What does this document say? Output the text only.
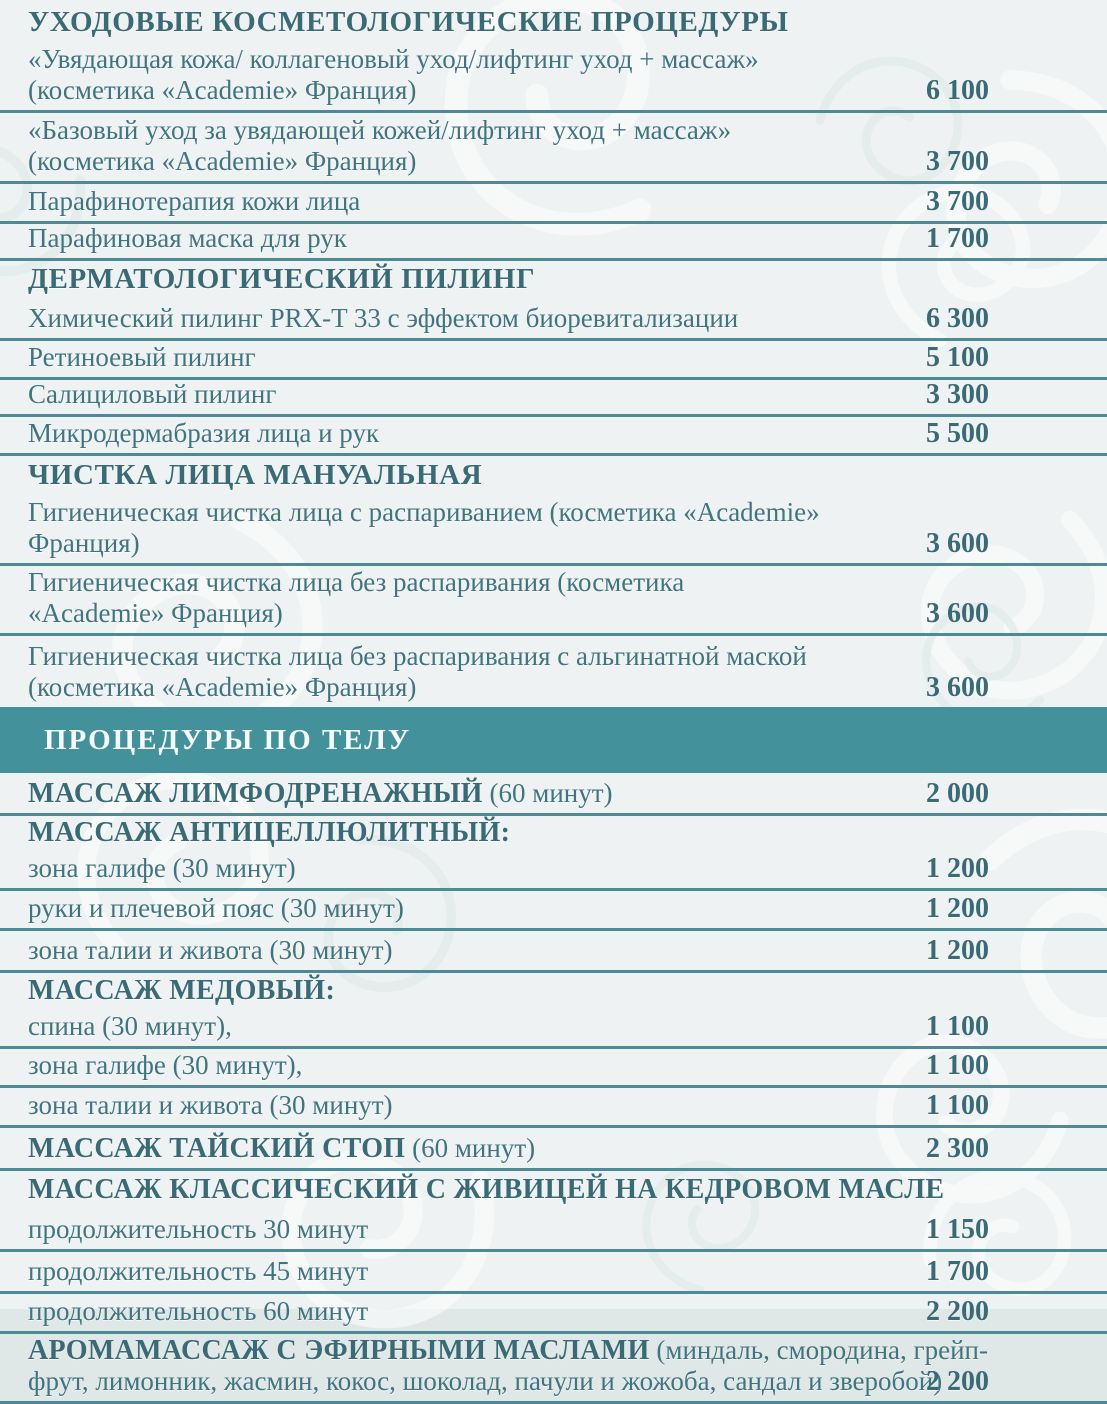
УХОДОВЫЕ КОСМЕТОЛОГИЧЕСКИЕ ПРОЦЕДУРЫ
«Увядающая кожа/ коллагеновый уход/лифтинг уход + массаж»
(косметика «Academie» Франция)	6 100
«Базовый уход за увядающей кожей/лифтинг уход + массаж»
(косметика «Academie» Франция)	3 700
Парафинотерапия кожи лица	3 700
Парафиновая маска для рук	1 700
ДЕРМАТОЛОГИЧЕСКИЙ ПИЛИНГ
Химический пилинг PRX-T 33 с эффектом биоревитализации	6 300
Ретиноевый пилинг	5 100
Салициловый пилинг	3 300
Микродермабразия лица и рук	5 500
ЧИСТКА ЛИЦА МАНУАЛЬНАЯ
Гигиеническая чистка лица с распариванием (косметика «Academie»
Франция)	3 600
Гигиеническая чистка лица без распаривания (косметика
«Academie» Франция)	3 600
Гигиеническая чистка лица без распаривания с альгинатной маской
(косметика «Academie» Франция)	3 600
ПРОЦЕДУРЫ ПО ТЕЛУ
МАССАЖ ЛИМФОДРЕНАЖНЫЙ (60 минут)	2 000
МАССАЖ АНТИЦЕЛЛЮЛИТНЫЙ:
зона галифе (30 минут)	1 200
руки и плечевой пояс (30 минут)	1 200
зона талии и живота (30 минут)	1 200
МАССАЖ МЕДОВЫЙ:
спина (30 минут),	1 100
зона галифе (30 минут),	1 100
зона талии и живота (30 минут)	1 100
МАССАЖ ТАЙСКИЙ СТОП (60 минут)	2 300
МАССАЖ КЛАССИЧЕСКИЙ С ЖИВИЦЕЙ НА КЕДРОВОМ МАСЛЕ
продолжительность 30 минут	1 150
продолжительность 45 минут	1 700
продолжительность 60 минут	2 200
АРОМАМАССАЖ С ЭФИРНЫМИ МАСЛАМИ (миндаль, смородина, грейп-
фрут, лимонник, жасмин, кокос, шоколад, пачули и жожоба, сандал и зверобой)
2 200
